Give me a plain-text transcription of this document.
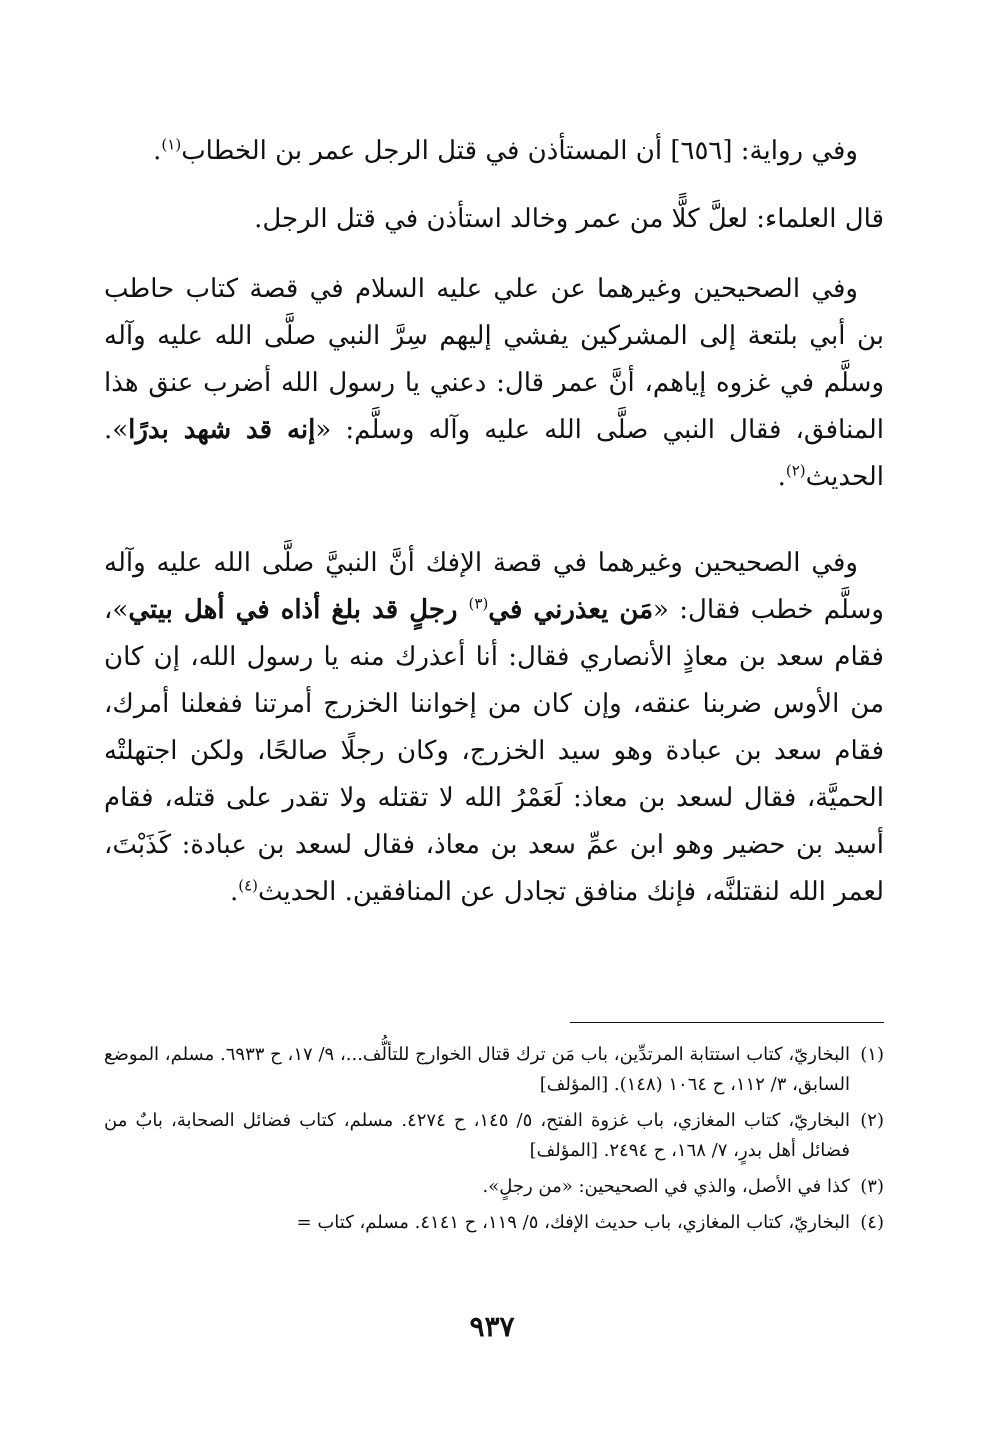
وفي رواية: [٦٥٦] أن المستأذن في قتل الرجل عمر بن الخطاب$^{(١)}$.

قال العلماء: لعلَّ كلًّا من عمر وخالد استأذن في قتل الرجل.

وفي الصحيحين وغيرهما عن علي عليه السلام في قصة كتاب حاطب بن أبي بلتعة إلى المشركين يفشي إليهم سِرَّ النبي صلَّى الله عليه وآله وسلَّم في غزوه إياهم، أنَّ عمر قال: دعني يا رسول الله أضرب عنق هذا المنافق، فقال النبي صلَّى الله عليه وآله وسلَّم: «إنه قد شهد بدرًا». الحديث$^{(٢)}$.

وفي الصحيحين وغيرهما في قصة الإفك أنَّ النبيَّ صلَّى الله عليه وآله وسلَّم خطب فقال: «مَن يعذرني في$^{(٣)}$ رجلٍ قد بلغ أذاه في أهل بيتي»، فقام سعد بن معاذٍ الأنصاري فقال: أنا أعذرك منه يا رسول الله، إن كان من الأوس ضربنا عنقه، وإن كان من إخواننا الخزرج أمرتنا ففعلنا أمرك، فقام سعد بن عبادة وهو سيد الخزرج، وكان رجلًا صالحًا، ولكن اجتهلتْه الحميَّة، فقال لسعد بن معاذ: لَعَمْرُ الله لا تقتله ولا تقدر على قتله، فقام أسيد بن حضير وهو ابن عمِّ سعد بن معاذ، فقال لسعد بن عبادة: كَذَبْتَ، لعمر الله لنقتلنَّه، فإنك منافق تجادل عن المنافقين. الحديث$^{(٤)}$.

(١)
البخاريّ، كتاب استتابة المرتدِّين، باب مَن ترك قتال الخوارج للتألُّف...، ٩/ ١٧، ح ٦٩٣٣. مسلم، الموضع السابق، ٣/ ١١٢، ح ١٠٦٤ (١٤٨). [المؤلف]
(٢)
البخاريّ، كتاب المغازي، باب غزوة الفتح، ٥/ ١٤٥، ح ٤٢٧٤. مسلم، كتاب فضائل الصحابة، بابٌ من فضائل أهل بدرٍ، ٧/ ١٦٨، ح ٢٤٩٤. [المؤلف]
(٣)
كذا في الأصل، والذي في الصحيحين: «من رجلٍ».
(٤)
البخاريّ، كتاب المغازي، باب حديث الإفك، ٥/ ١١٩، ح ٤١٤١. مسلم، كتاب =
٩٣٧
